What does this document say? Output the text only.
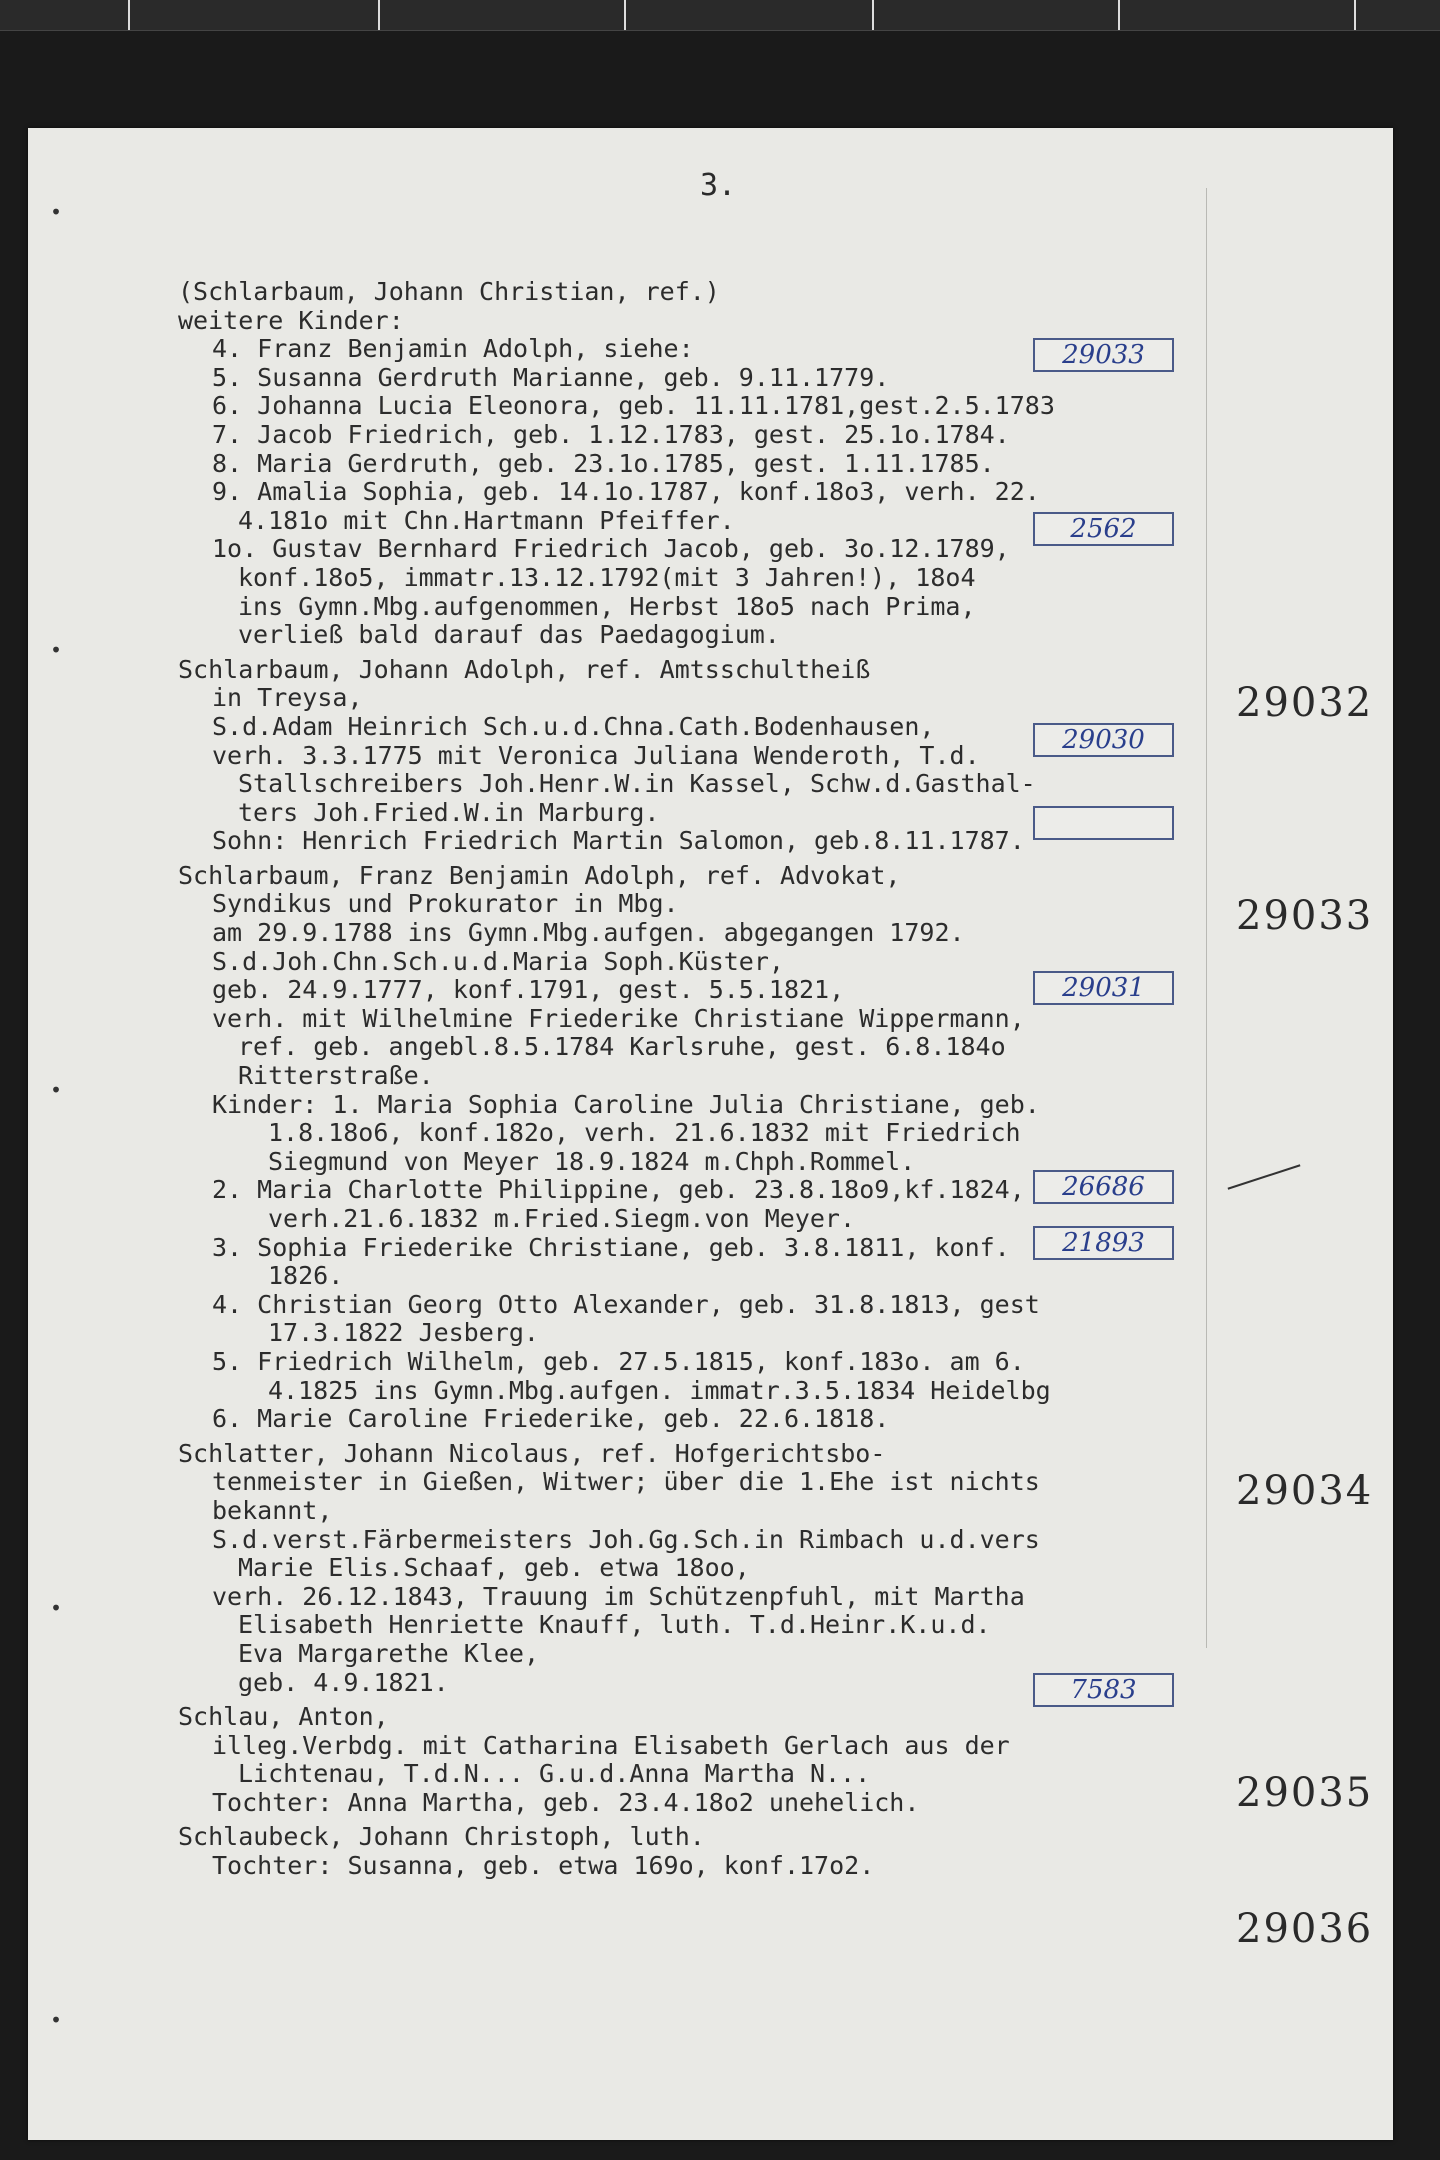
•
•
•
•
•
3.
(Schlarbaum, Johann Christian, ref.)
weitere Kinder:
4. Franz Benjamin Adolph, siehe:
5. Susanna Gerdruth Marianne, geb. 9.11.1779.
6. Johanna Lucia Eleonora, geb. 11.11.1781,gest.2.5.1783
7. Jacob Friedrich, geb. 1.12.1783, gest. 25.1o.1784.
8. Maria Gerdruth, geb. 23.1o.1785, gest. 1.11.1785.
9. Amalia Sophia, geb. 14.1o.1787, konf.18o3, verh. 22.
4.181o mit Chn.Hartmann Pfeiffer.
1o. Gustav Bernhard Friedrich Jacob, geb. 3o.12.1789,
konf.18o5, immatr.13.12.1792(mit 3 Jahren!), 18o4
ins Gymn.Mbg.aufgenommen, Herbst 18o5 nach Prima,
verließ bald darauf das Paedagogium.
Schlarbaum, Johann Adolph, ref. Amtsschultheiß
in Treysa,
S.d.Adam Heinrich Sch.u.d.Chna.Cath.Bodenhausen,
verh. 3.3.1775 mit Veronica Juliana Wenderoth, T.d.
Stallschreibers Joh.Henr.W.in Kassel, Schw.d.Gasthal-
ters Joh.Fried.W.in Marburg.
Sohn: Henrich Friedrich Martin Salomon, geb.8.11.1787.
Schlarbaum, Franz Benjamin Adolph, ref. Advokat,
Syndikus und Prokurator in Mbg.
am 29.9.1788 ins Gymn.Mbg.aufgen. abgegangen 1792.
S.d.Joh.Chn.Sch.u.d.Maria Soph.Küster,
geb. 24.9.1777, konf.1791, gest. 5.5.1821,
verh. mit Wilhelmine Friederike Christiane Wippermann,
ref. geb. angebl.8.5.1784 Karlsruhe, gest. 6.8.184o
Ritterstraße.
Kinder: 1. Maria Sophia Caroline Julia Christiane, geb.
1.8.18o6, konf.182o, verh. 21.6.1832 mit Friedrich
Siegmund von Meyer 18.9.1824 m.Chph.Rommel.
2. Maria Charlotte Philippine, geb. 23.8.18o9,kf.1824,
verh.21.6.1832 m.Fried.Siegm.von Meyer.
3. Sophia Friederike Christiane, geb. 3.8.1811, konf.
1826.
4. Christian Georg Otto Alexander, geb. 31.8.1813, gest
17.3.1822 Jesberg.
5. Friedrich Wilhelm, geb. 27.5.1815, konf.183o. am 6.
4.1825 ins Gymn.Mbg.aufgen. immatr.3.5.1834 Heidelbg
6. Marie Caroline Friederike, geb. 22.6.1818.
Schlatter, Johann Nicolaus, ref. Hofgerichtsbo-
tenmeister in Gießen, Witwer; über die 1.Ehe ist nichts
bekannt,
S.d.verst.Färbermeisters Joh.Gg.Sch.in Rimbach u.d.vers
Marie Elis.Schaaf, geb. etwa 18oo,
verh. 26.12.1843, Trauung im Schützenpfuhl, mit Martha
Elisabeth Henriette Knauff, luth. T.d.Heinr.K.u.d.
Eva Margarethe Klee,
geb. 4.9.1821.
Schlau, Anton,
illeg.Verbdg. mit Catharina Elisabeth Gerlach aus der
Lichtenau, T.d.N... G.u.d.Anna Martha N...
Tochter: Anna Martha, geb. 23.4.18o2 unehelich.
Schlaubeck, Johann Christoph, luth.
Tochter: Susanna, geb. etwa 169o, konf.17o2.
29033
2562
29030
29031
26686
21893
7583
29032
29033
29034
29035
29036
